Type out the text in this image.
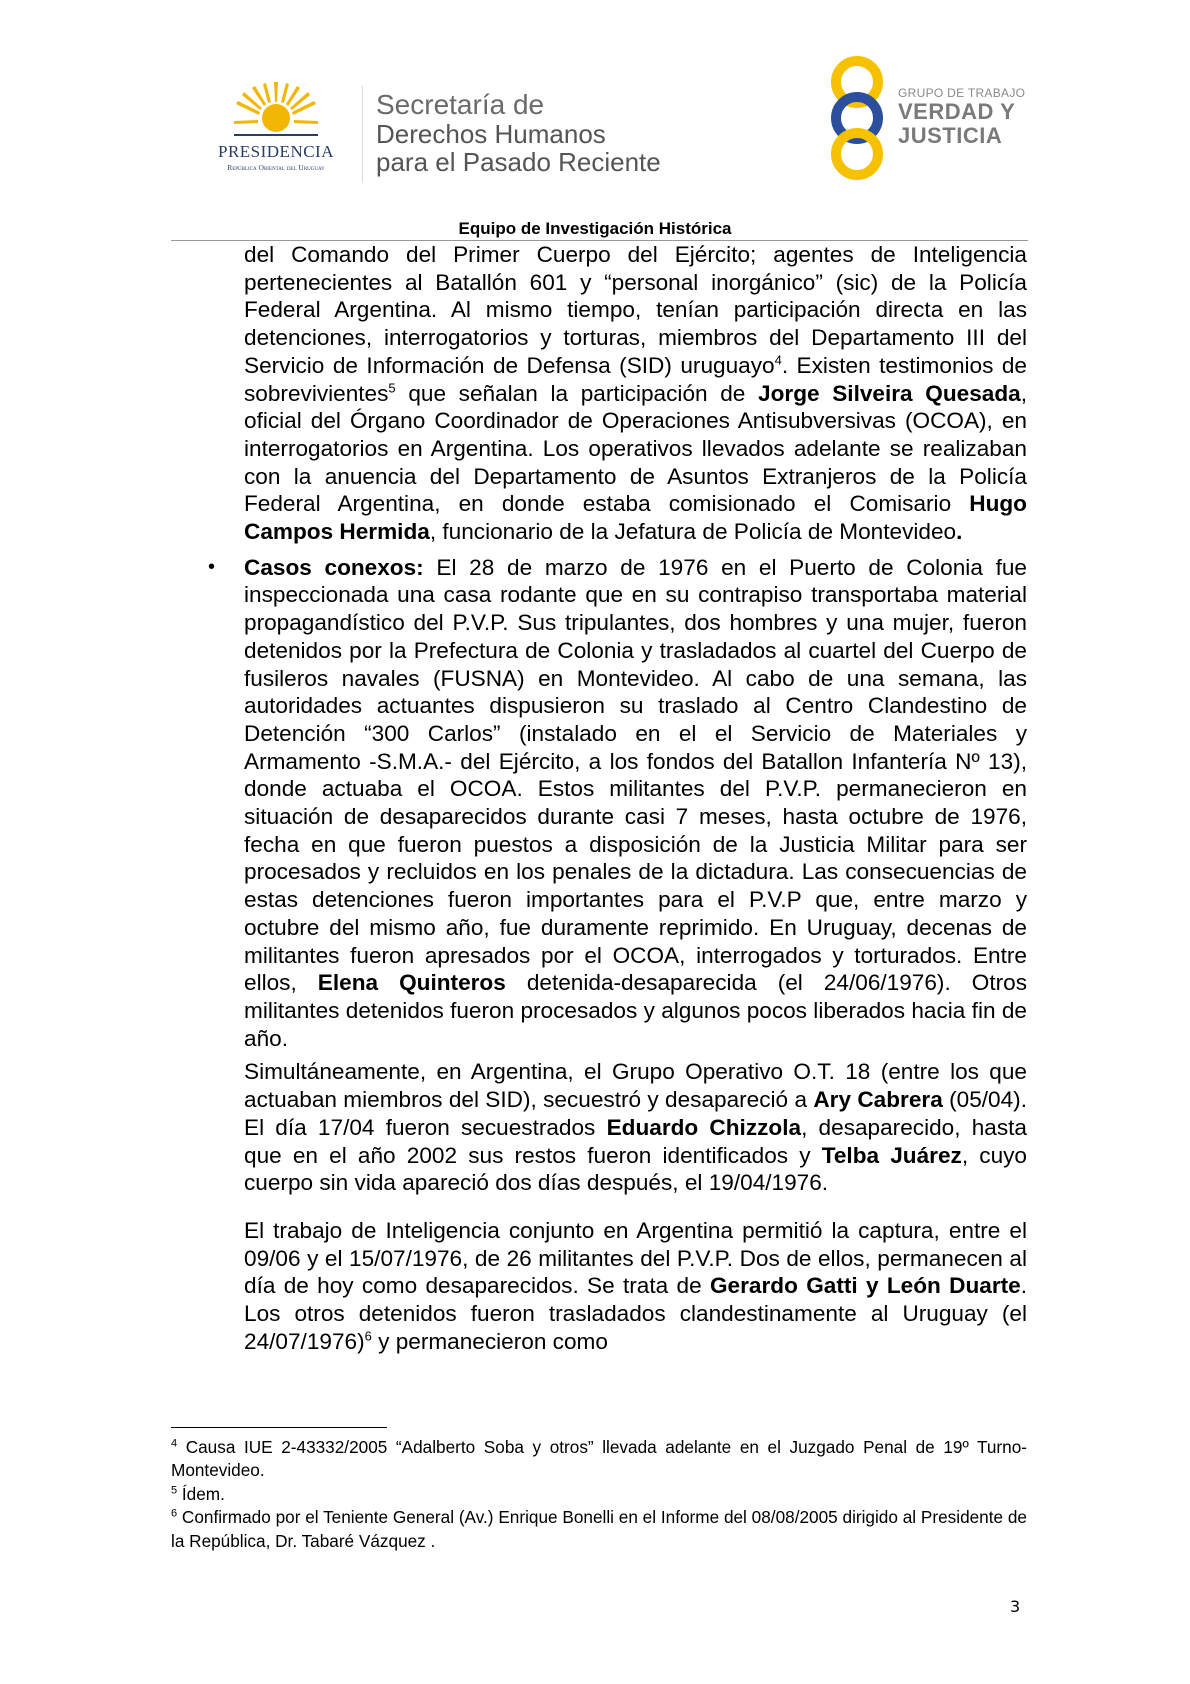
PRESIDENCIA
República Oriental del Uruguay
Secretaría de
Derechos Humanos
para el Pasado Reciente
GRUPO DE TRABAJO
VERDAD Y
JUSTICIA
Equipo de Investigación Histórica

del Comando del Primer Cuerpo del Ejército; agentes de Inteligencia pertenecientes al Batallón 601 y “personal inorgánico” (sic) de la Policía Federal Argentina. Al mismo tiempo, tenían participación directa en las detenciones, interrogatorios y torturas, miembros del Departamento III del Servicio de Información de Defensa (SID) uruguayo$^4$. Existen testimonios de sobrevivientes$^5$ que señalan la participación de Jorge Silveira Quesada, oficial del Órgano Coordinador de Operaciones Antisubversivas (OCOA), en interrogatorios en Argentina. Los operativos llevados adelante se realizaban con la anuencia del Departamento de Asuntos Extranjeros de la Policía Federal Argentina, en donde estaba comisionado el Comisario Hugo Campos Hermida, funcionario de la Jefatura de Policía de Montevideo.

• Casos conexos: El 28 de marzo de 1976 en el Puerto de Colonia fue inspeccionada una casa rodante que en su contrapiso transportaba material propagandístico del P.V.P. Sus tripulantes, dos hombres y una mujer, fueron detenidos por la Prefectura de Colonia y trasladados al cuartel del Cuerpo de fusileros navales (FUSNA) en Montevideo. Al cabo de una semana, las autoridades actuantes dispusieron su traslado al Centro Clandestino de Detención “300 Carlos” (instalado en el el Servicio de Materiales y Armamento -S.M.A.- del Ejército, a los fondos del Batallon Infantería Nº 13), donde actuaba el OCOA. Estos militantes del P.V.P. permanecieron en situación de desaparecidos durante casi 7 meses, hasta octubre de 1976, fecha en que fueron puestos a disposición de la Justicia Militar para ser procesados y recluidos en los penales de la dictadura. Las consecuencias de estas detenciones fueron importantes para el P.V.P que, entre marzo y octubre del mismo año, fue duramente reprimido. En Uruguay, decenas de militantes fueron apresados por el OCOA, interrogados y torturados. Entre ellos, Elena Quinteros detenida-desaparecida (el 24/06/1976). Otros militantes detenidos fueron procesados y algunos pocos liberados hacia fin de año.

Simultáneamente, en Argentina, el Grupo Operativo O.T. 18 (entre los que actuaban miembros del SID), secuestró y desapareció a Ary Cabrera (05/04). El día 17/04 fueron secuestrados Eduardo Chizzola, desaparecido, hasta que en el año 2002 sus restos fueron identificados y Telba Juárez, cuyo cuerpo sin vida apareció dos días después, el 19/04/1976.

El trabajo de Inteligencia conjunto en Argentina permitió la captura, entre el 09/06 y el 15/07/1976, de 26 militantes del P.V.P. Dos de ellos, permanecen al día de hoy como desaparecidos. Se trata de Gerardo Gatti y León Duarte. Los otros detenidos fueron trasladados clandestinamente al Uruguay (el 24/07/1976)$^6$ y permanecieron como

$^4$ Causa IUE 2-43332/2005 “Adalberto Soba y otros” llevada adelante en el Juzgado Penal de 19º Turno-Montevideo.

$^5$ Ídem.

$^6$ Confirmado por el Teniente General (Av.) Enrique Bonelli en el Informe del 08/08/2005 dirigido al Presidente de la República, Dr. Tabaré Vázquez .

3
